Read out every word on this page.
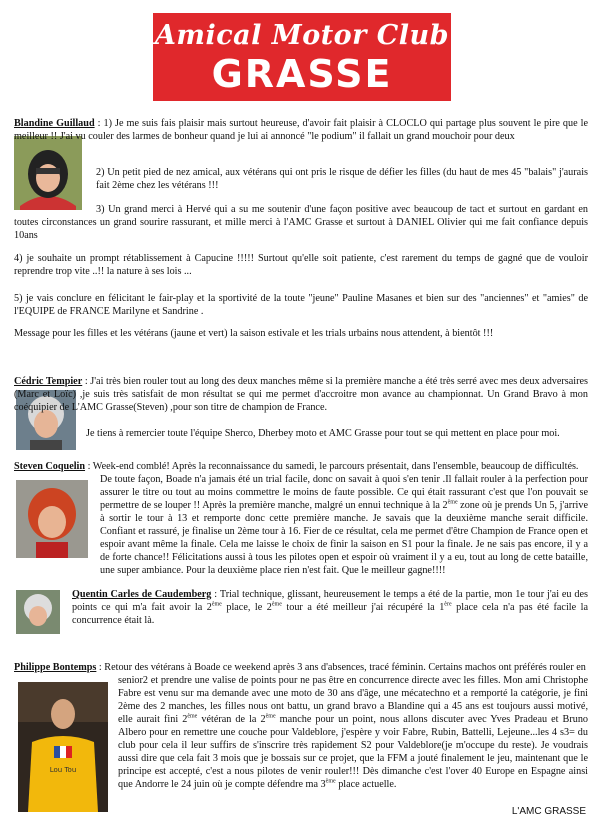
Amical Motor Club
GRASSE
Blandine Guillaud : 1) Je me suis fais plaisir mais surtout heureuse, d'avoir fait plaisir à CLOCLO qui partage plus souvent le pire que le meilleur !! J'ai vu couler des larmes de bonheur quand je lui ai annoncé "le podium" il fallait un grand mouchoir pour deux
2) Un petit pied de nez amical, aux vétérans qui ont pris le risque de défier les filles (du haut de mes 45 "balais" j'aurais fait 2ème chez les vétérans !!!
3) Un grand merci à Hervé qui a su me soutenir d'une façon positive avec beaucoup de tact et surtout en gardant en toutes circonstances un grand sourire rassurant, et mille merci à l'AMC Grasse et surtout à DANIEL Olivier qui me fait confiance depuis 10ans
4) je souhaite un prompt rétablissement à Capucine !!!!! Surtout qu'elle soit patiente, c'est rarement du temps de gagné que de vouloir reprendre trop vite ..!! la nature à ses lois ...
5) je vais conclure en félicitant le fair-play et la sportivité de la toute "jeune" Pauline Masanes et bien sur des "anciennes" et "amies" de l'EQUIPE de FRANCE Marilyne et Sandrine .
Message pour les filles et les vétérans (jaune et vert) la saison estivale et les trials urbains nous attendent, à bientôt !!!
Cédric Tempier : J'ai très bien rouler tout au long des deux manches même si la première manche a été très serré avec mes deux adversaires (Marc et Loïc) ,je suis très satisfait de mon résultat se qui me permet d'accroitre mon avance au championnat. Un Grand Bravo à mon coéquipier de L'AMC Grasse(Steven) ,pour son titre de champion de France.
Je tiens à remercier toute l'équipe Sherco, Dherbey moto et AMC Grasse pour tout se qui mettent en place pour moi.
Steven Coquelin : Week-end comblé! Après la reconnaissance du samedi, le parcours présentait, dans l'ensemble, beaucoup de difficultés.
De toute façon, Boade n'a jamais été un trial facile, donc on savait à quoi s'en tenir .Il fallait rouler à la perfection pour assurer le titre ou tout au moins commettre le moins de faute possible. Ce qui était rassurant c'est que l'on pouvait se permettre de se louper !! Après la première manche, malgré un ennui technique à la 2ème zone où je prends Un 5, j'arrive à sortir le tour à 13 et remporte donc cette première manche. Je savais que la deuxième manche serait difficile. Confiant et rassuré, je finalise un 2ème tour à 16. Fier de ce résultat, cela me permet d'être Champion de France open et espoir avant même la finale. Cela me laisse le choix de finir la saison en S1 pour la finale. Je ne sais pas encore, il y a de forte chance!! Félicitations aussi à tous les pilotes open et espoir où vraiment il y a eu, tout au long de cette bataille, une super ambiance. Pour la deuxième place rien n'est fait. Que le meilleur gagne!!!!
Quentin Carles de Caudemberg : Trial technique, glissant, heureusement le temps a été de la partie, mon 1e tour j'ai eu des points ce qui m'a fait avoir la 2ème place, le 2ème tour a été meilleur j'ai récupéré la 1ère place cela n'a pas été facile la concurrence était là.
Lou Tou
Philippe Bontemps : Retour des vétérans à Boade ce weekend après 3 ans d'absences, tracé féminin. Certains machos ont préférés rouler en
senior2 et prendre une valise de points pour ne pas être en concurrence directe avec les filles. Mon ami Christophe Fabre est venu sur ma demande avec une moto de 30 ans d'âge, une mécatechno et a remporté la catégorie, je fini 2ème des 2 manches, les filles nous ont battu, un grand bravo a Blandine qui a 45 ans est toujours aussi motivé, elle aurait fini 2ème vétéran de la 2ème manche pour un point, nous allons discuter avec Yves Pradeau et Bruno Albero pour en remettre une couche pour Valdeblore, j'espère y voir Fabre, Rubin, Battelli, Lejeune...les 4 s3= du club pour cela il leur suffirs de s'inscrire très rapidement S2 pour Valdeblore(je m'occupe du reste). Je voudrais aussi dire que cela fait 3 mois que je bossais sur ce projet, que la FFM a jouté finalement le jeu, maintenant que le principe est accepté, c'est a nous pilotes de venir rouler!!! Dès dimanche c'est l'over 40 Europe en Espagne ainsi que Andorre le 24 juin où je compte défendre ma 3ème place actuelle.
L'AMC GRASSE
